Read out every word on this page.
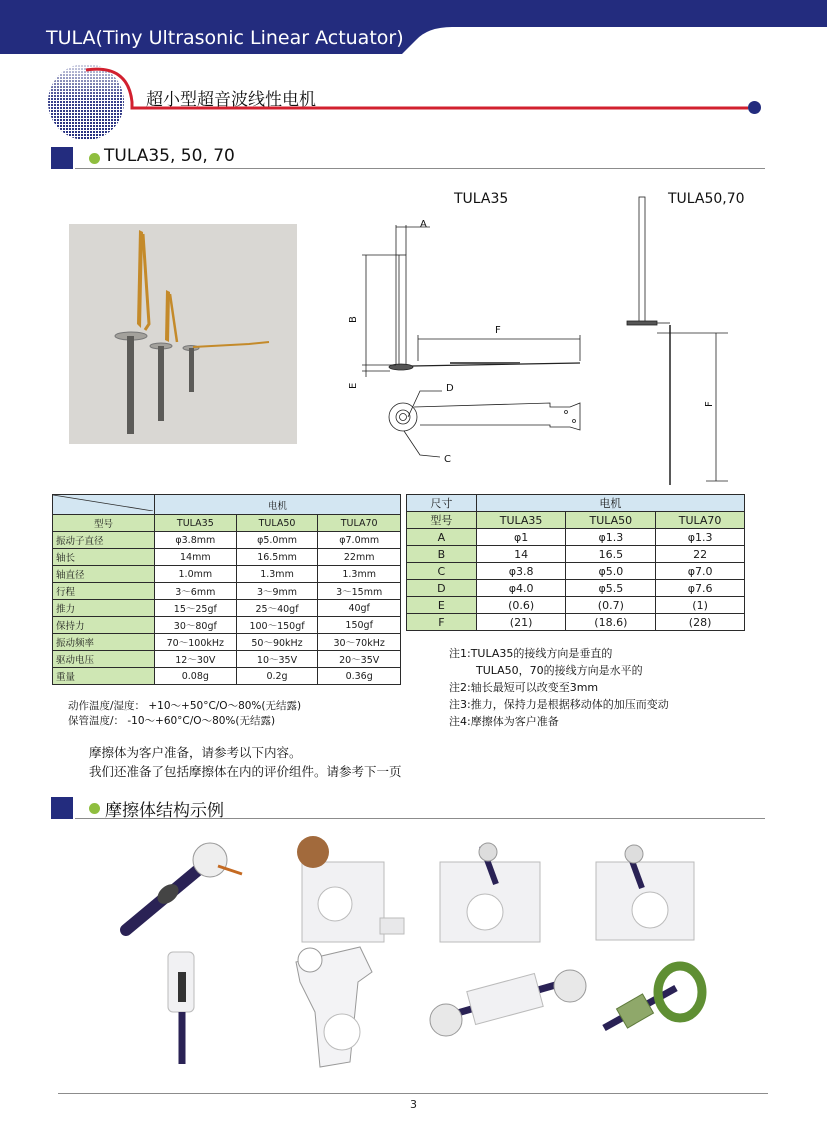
TULA(Tiny Ultrasonic Linear Actuator)
超小型超音波线性电机
TULA35, 50, 70
A
B
E
F
D
C
F
TULA35	TULA50,70
	电机		
型号	TULA35	TULA50	TULA70
振动子直径	φ3.8mm	φ5.0mm	φ7.0mm
轴长	14mm	16.5mm	22mm
轴直径	1.0mm	1.3mm	1.3mm
行程	3～6mm	3～9mm	3～15mm
推力	15～25gf	25～40gf	40gf
保持力	30～80gf	100～150gf	150gf
振动频率	70～100kHz	50～90kHz	30～70kHz
驱动电压	12～30V	10～35V	20～35V
重量	0.08g	0.2g	0.36g
尺寸	电机		
型号	TULA35	TULA50	TULA70
A	φ1	φ1.3	φ1.3
B	14	16.5	22
C	φ3.8	φ5.0	φ7.0
D	φ4.0	φ5.5	φ7.6
E	(0.6)	(0.7)	(1)
F	(21)	(18.6)	(28)
动作温度/湿度： +10～+50°C/O～80%(无结露)
保管温度/： -10～+60°C/O～80%(无结露)
注1:TULA35的接线方向是垂直的
TULA50，70的接线方向是水平的
注2:轴长最短可以改变至3mm
注3:推力，保持力是根据移动体的加压而变动
注4:摩擦体为客户准备
摩擦体为客户准备，请参考以下内容。
我们还准备了包括摩擦体在内的评价组件。请参考下一页
摩擦体结构示例
3
